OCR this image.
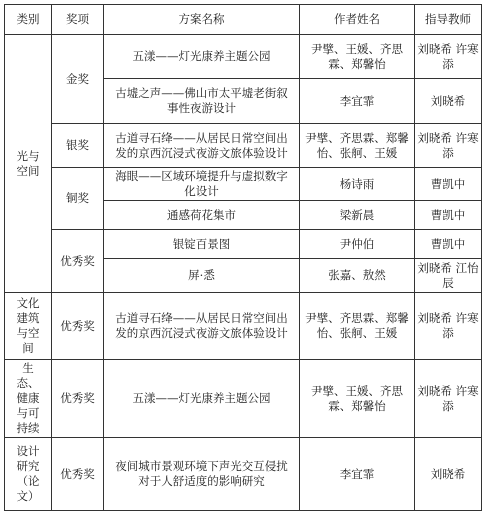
类别	奖项	方案名称	作者姓名	指导教师
光与空间	金奖	五漾——灯光康养主题公园	尹擘、王媛、齐思霖、郑馨怡	刘晓希 许寒添
		古墟之声——佛山市太平墟老街叙事性夜游设计	李宜霏	刘晓希
	银奖	古道寻石绛——从居民日常空间出发的京西沉浸式夜游文旅体验设计	尹擘、齐思霖、郑馨怡、张舸、王媛	刘晓希 许寒添
	铜奖	海眼——区域环境提升与虚拟数字化设计	杨诗雨	曹凯中
		通感荷花集市	梁新晨	曹凯中
	优秀奖	银锭百景图	尹仲伯	曹凯中
		屏·悉	张嘉、敖然	刘晓希 江怡辰

文化建筑与空间	优秀奖	古道寻石绛——从居民日常空间出发的京西沉浸式夜游文旅体验设计	尹擘、齐思霖、郑馨怡、张舸、王媛	刘晓希 许寒添
生态、健康与可持续	优秀奖	五漾——灯光康养主题公园	尹擘、王媛、齐思霖、郑馨怡	刘晓希 许寒添
设计研究（论文）	优秀奖	夜间城市景观环境下声光交互侵扰对于人舒适度的影响研究	李宜霏	刘晓希
